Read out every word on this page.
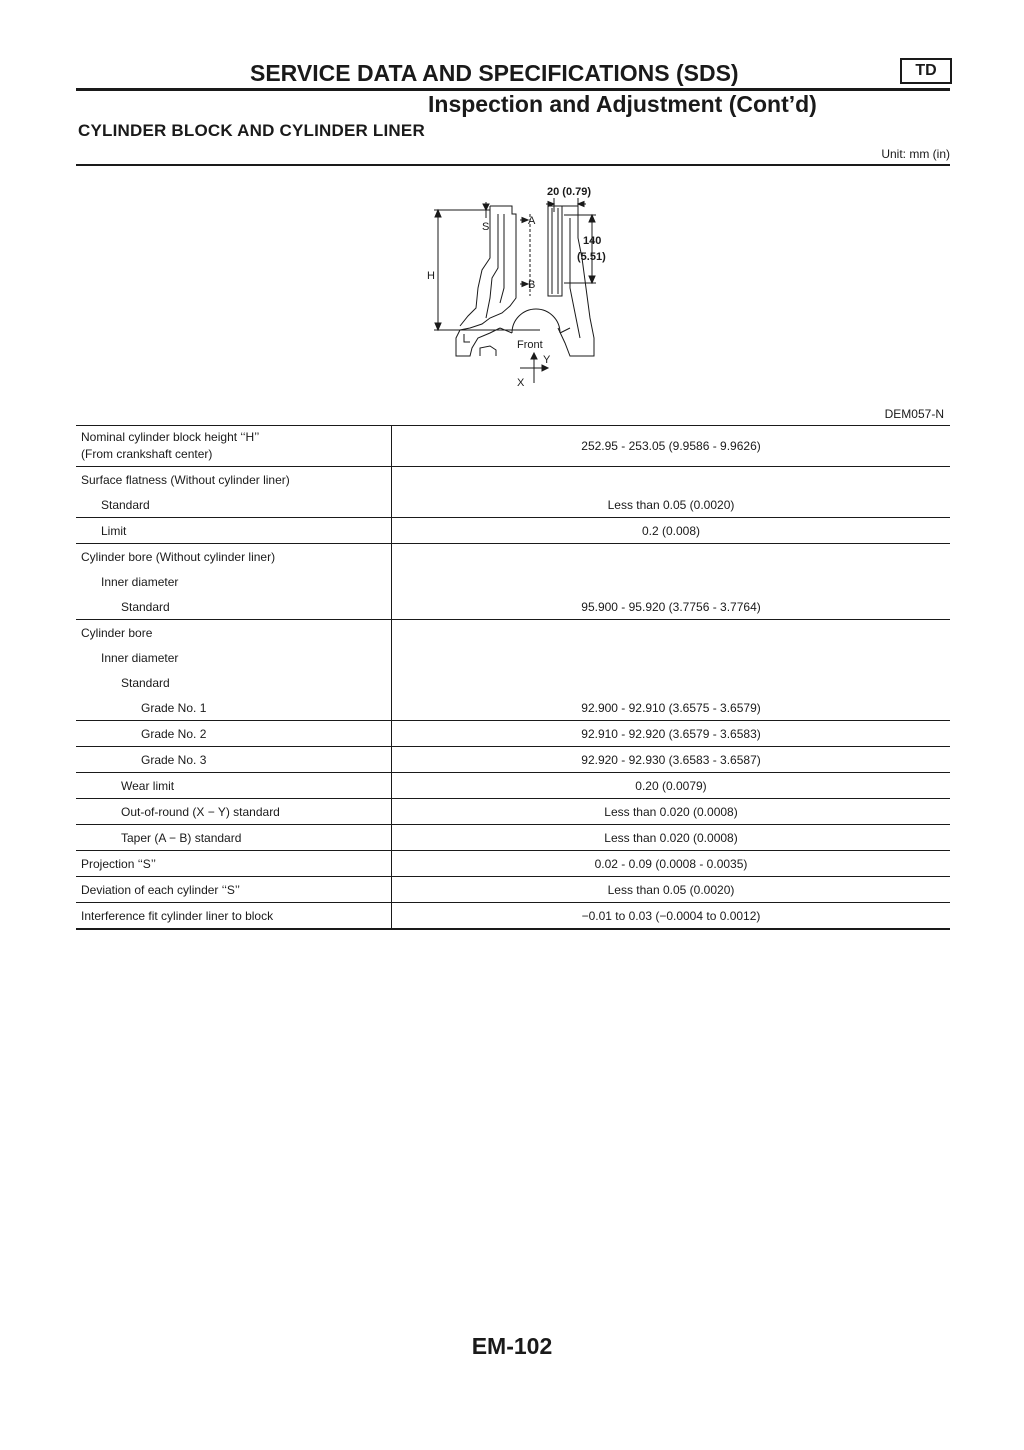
SERVICE DATA AND SPECIFICATIONS (SDS)	TD
Inspection and Adjustment (Cont’d)
CYLINDER BLOCK AND CYLINDER LINER
Unit: mm (in)
20 (0.79)
140
(5.51)
S	A
B
H
Front
Y
X
DEM057-N
Nominal cylinder block height ‘‘H’’
(From crankshaft center)	252.95 - 253.05 (9.9586 - 9.9626)
Surface flatness (Without cylinder liner)	
Standard	Less than 0.05 (0.0020)
Limit	0.2 (0.008)
Cylinder bore (Without cylinder liner)	
Inner diameter	
Standard	95.900 - 95.920 (3.7756 - 3.7764)
Cylinder bore	
Inner diameter	
Standard	
Grade No. 1	92.900 - 92.910 (3.6575 - 3.6579)
Grade No. 2	92.910 - 92.920 (3.6579 - 3.6583)
Grade No. 3	92.920 - 92.930 (3.6583 - 3.6587)
Wear limit	0.20 (0.0079)
Out-of-round (X − Y) standard	Less than 0.020 (0.0008)
Taper (A − B) standard	Less than 0.020 (0.0008)
Projection ‘‘S’’	0.02 - 0.09 (0.0008 - 0.0035)
Deviation of each cylinder ‘‘S’’	Less than 0.05 (0.0020)
Interference fit cylinder liner to block	−0.01 to 0.03 (−0.0004 to 0.0012)
EM-102
